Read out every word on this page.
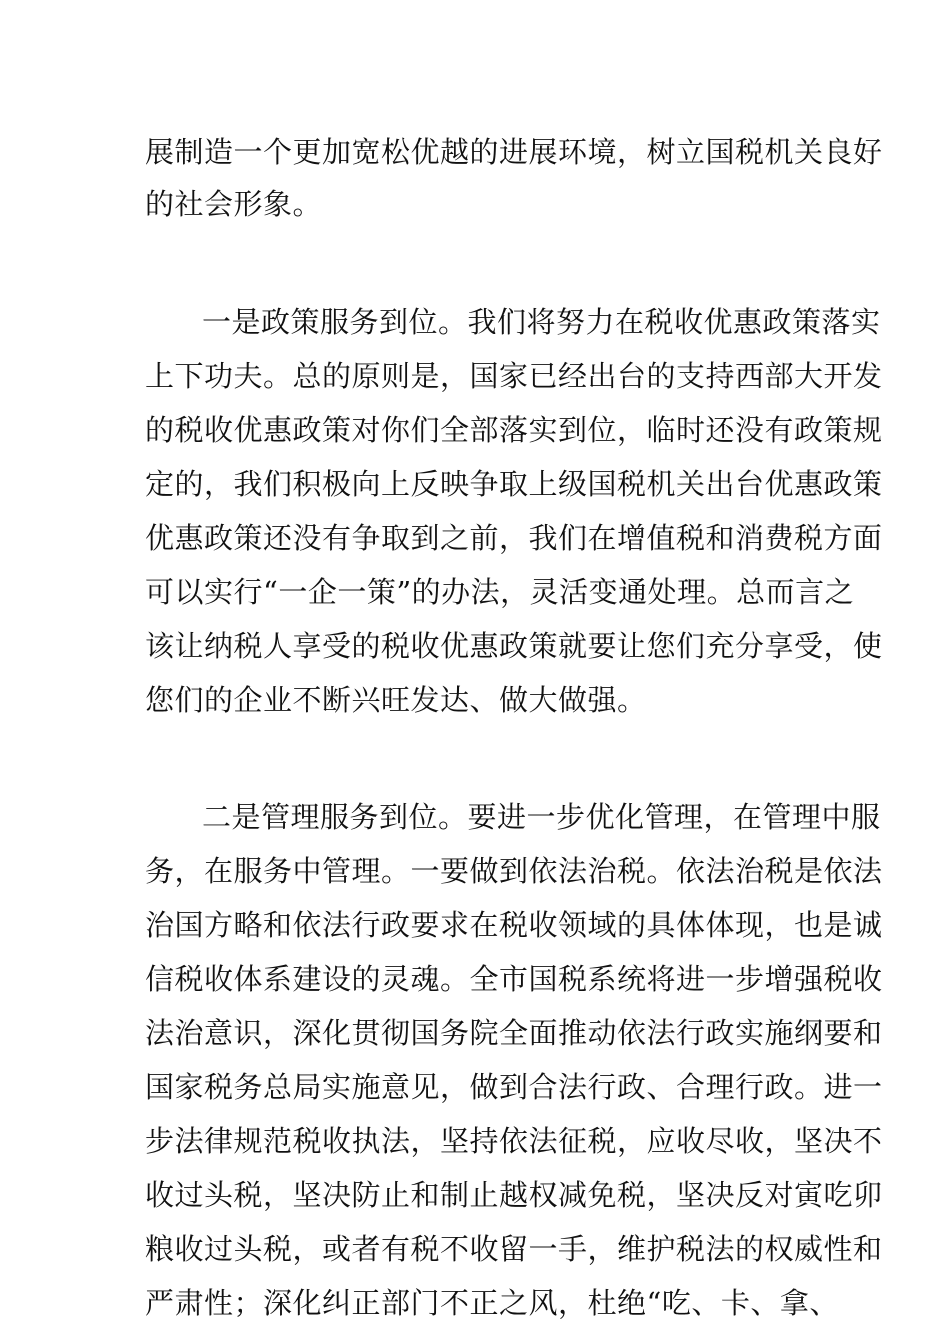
展制造一个更加宽松优越的进展环境，树立国税机关良好
的社会形象。
一是政策服务到位。我们将努力在税收优惠政策落实
上下功夫。总的原则是，国家已经出台的支持西部大开发
的税收优惠政策对你们全部落实到位，临时还没有政策规
定的，我们积极向上反映争取上级国税机关出台优惠政策
优惠政策还没有争取到之前，我们在增值税和消费税方面
可以实行“一企一策”的办法，灵活变通处理。总而言之
该让纳税人享受的税收优惠政策就要让您们充分享受，使
您们的企业不断兴旺发达、做大做强。
二是管理服务到位。要进一步优化管理，在管理中服
务，在服务中管理。一要做到依法治税。依法治税是依法
治国方略和依法行政要求在税收领域的具体体现，也是诚
信税收体系建设的灵魂。全市国税系统将进一步增强税收
法治意识，深化贯彻国务院全面推动依法行政实施纲要和
国家税务总局实施意见，做到合法行政、合理行政。进一
步法律规范税收执法，坚持依法征税，应收尽收，坚决不
收过头税，坚决防止和制止越权减免税，坚决反对寅吃卯
粮收过头税，或者有税不收留一手，维护税法的权威性和
严肃性；深化纠正部门不正之风，杜绝“吃、卡、拿、
